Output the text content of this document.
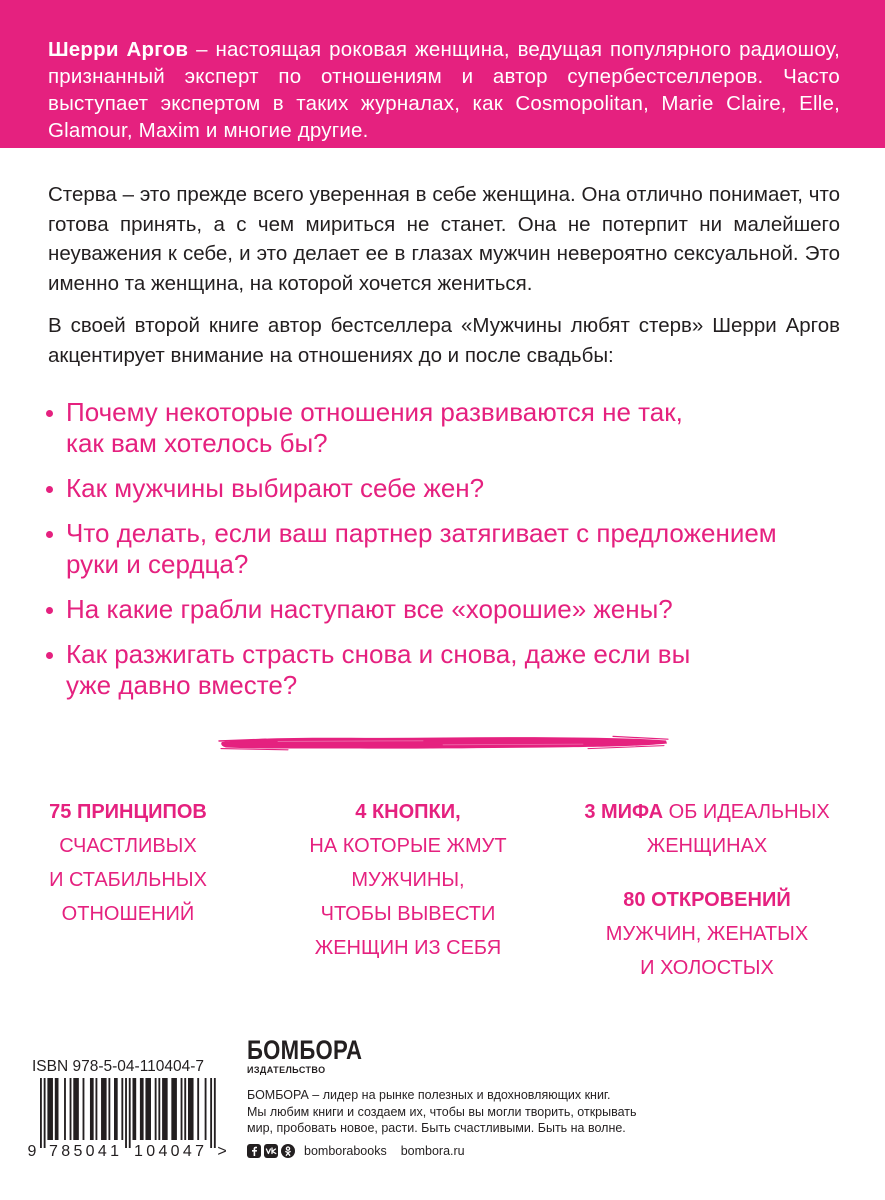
Шерри Аргов – настоящая роковая женщина, ведущая популярного радиошоу, признанный эксперт по отношениям и автор супербестселлеров. Часто выступает экспертом в таких журналах, как Cosmopolitan, Marie Claire, Elle, Glamour, Maxim и многие другие.

Стерва – это прежде всего уверенная в себе женщина. Она отлично понимает, что готова принять, а с чем мириться не станет. Она не потерпит ни малейшего неуважения к себе, и это делает ее в глазах мужчин невероятно сексуальной. Это именно та женщина, на которой хочется жениться.

В своей второй книге автор бестселлера «Мужчины любят стерв» Шерри Аргов акцентирует внимание на отношениях до и после свадьбы:

Почему некоторые отношения развиваются не так,
как вам хотелось бы?
Как мужчины выбирают себе жен?
Что делать, если ваш партнер затягивает с предложением
руки и сердца?
На какие грабли наступают все «хорошие» жены?
Как разжигать страсть снова и снова, даже если вы
уже давно вместе?
75 ПРИНЦИПОВ
СЧАСТЛИВЫХ
И СТАБИЛЬНЫХ
ОТНОШЕНИЙ
4 КНОПКИ,
НА КОТОРЫЕ ЖМУТ
МУЖЧИНЫ,
ЧТОБЫ ВЫВЕСТИ
ЖЕНЩИН ИЗ СЕБЯ
3 МИФА ОБ ИДЕАЛЬНЫХ
ЖЕНЩИНАХ
80 ОТКРОВЕНИЙ
МУЖЧИН, ЖЕНАТЫХ
И ХОЛОСТЫХ
ISBN 978-5-04-110404-7
9 785041 104047 >
БОМБОРА
ИЗДАТЕЛЬСТВО
БОМБОРА – лидер на рынке полезных и вдохновляющих книг.
Мы любим книги и создаем их, чтобы вы могли творить, открывать
мир, пробовать новое, расти. Быть счастливыми. Быть на волне.
bomborabooks bombora.ru
